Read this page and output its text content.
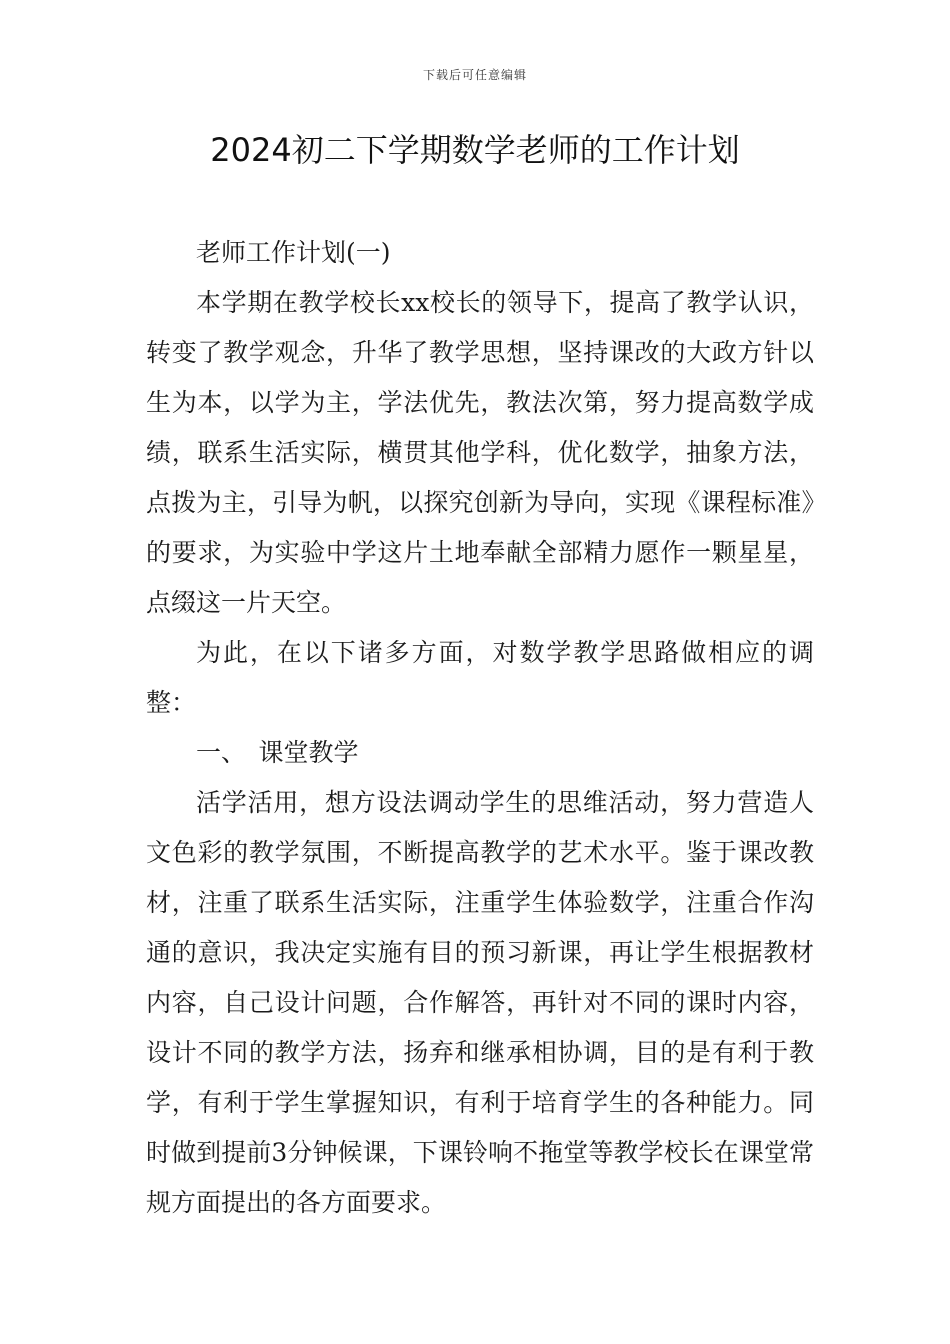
下载后可任意编辑
2024初二下学期数学老师的工作计划

老师工作计划(一)

本学期在教学校长xx校长的领导下，提高了教学认识，转变了教学观念，升华了教学思想，坚持课改的大政方针以生为本，以学为主，学法优先，教法次第，努力提高数学成绩，联系生活实际，横贯其他学科，优化数学，抽象方法，点拨为主，引导为帆，以探究创新为导向，实现《课程标准》的要求，为实验中学这片土地奉献全部精力愿作一颗星星，点缀这一片天空。

为此，在以下诸多方面，对数学教学思路做相应的调整：

一、　课堂教学

活学活用，想方设法调动学生的思维活动，努力营造人文色彩的教学氛围，不断提高教学的艺术水平。鉴于课改教材，注重了联系生活实际，注重学生体验数学，注重合作沟通的意识，我决定实施有目的预习新课，再让学生根据教材内容，自己设计问题，合作解答，再针对不同的课时内容，设计不同的教学方法，扬弃和继承相协调，目的是有利于教学，有利于学生掌握知识，有利于培育学生的各种能力。同时做到提前3分钟候课，下课铃响不拖堂等教学校长在课堂常规方面提出的各方面要求。
